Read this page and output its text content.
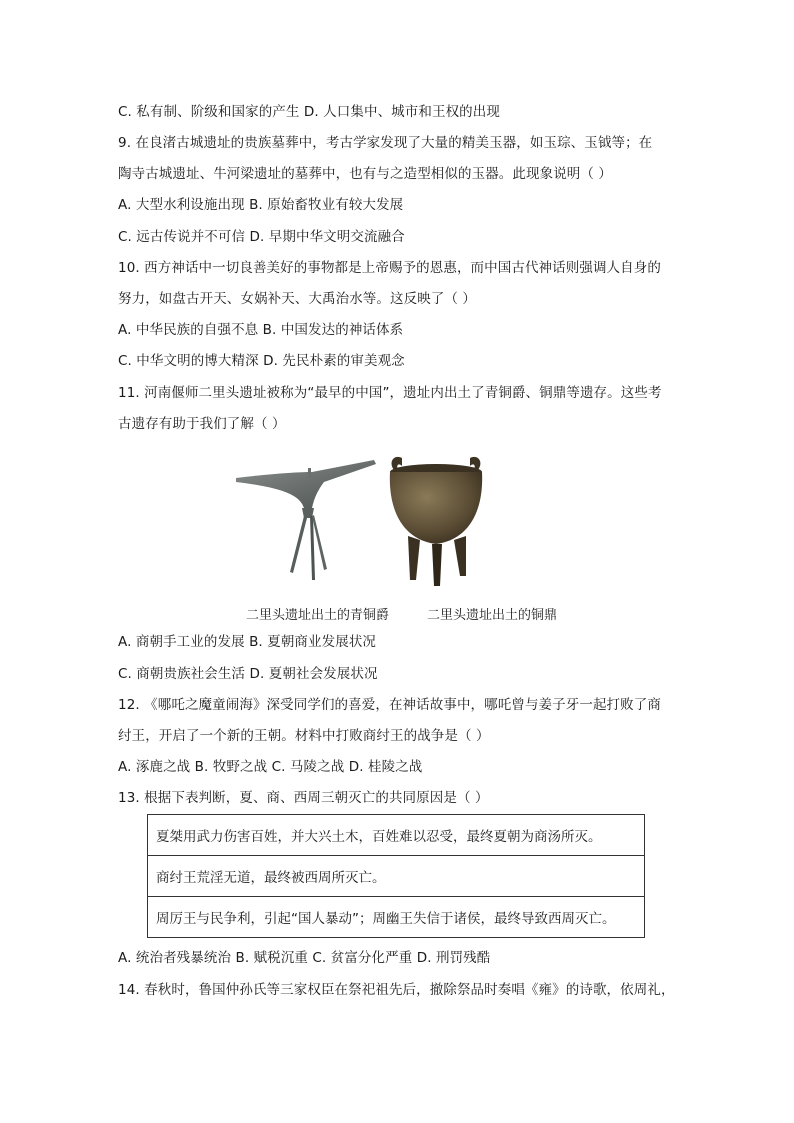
C. 私有制、阶级和国家的产生 D. 人口集中、城市和王权的出现
9. 在良渚古城遗址的贵族墓葬中，考古学家发现了大量的精美玉器，如玉琮、玉钺等；在
陶寺古城遗址、牛河梁遗址的墓葬中，也有与之造型相似的玉器。此现象说明（ ）
A. 大型水利设施出现 B. 原始畜牧业有较大发展
C. 远古传说并不可信 D. 早期中华文明交流融合
10. 西方神话中一切良善美好的事物都是上帝赐予的恩惠，而中国古代神话则强调人自身的
努力，如盘古开天、女娲补天、大禹治水等。这反映了（ ）
A. 中华民族的自强不息 B. 中国发达的神话体系
C. 中华文明的博大精深 D. 先民朴素的审美观念
11. 河南偃师二里头遗址被称为“最早的中国”，遗址内出土了青铜爵、铜鼎等遗存。这些考
古遗存有助于我们了解（ ）
二里头遗址出土的青铜爵	二里头遗址出土的铜鼎
A. 商朝手工业的发展 B. 夏朝商业发展状况
C. 商朝贵族社会生活 D. 夏朝社会发展状况
12. 《哪吒之魔童闹海》深受同学们的喜爱，在神话故事中，哪吒曾与姜子牙一起打败了商
纣王，开启了一个新的王朝。材料中打败商纣王的战争是（ ）
A. 涿鹿之战 B. 牧野之战 C. 马陵之战 D. 桂陵之战
13. 根据下表判断，夏、商、西周三朝灭亡的共同原因是（ ）
夏桀用武力伤害百姓，并大兴土木，百姓难以忍受，最终夏朝为商汤所灭。
商纣王荒淫无道，最终被西周所灭亡。
周厉王与民争利，引起“国人暴动”；周幽王失信于诸侯，最终导致西周灭亡。
A. 统治者残暴统治 B. 赋税沉重 C. 贫富分化严重 D. 刑罚残酷
14. 春秋时，鲁国仲孙氏等三家权臣在祭祀祖先后，撤除祭品时奏唱《雍》的诗歌，依周礼，
